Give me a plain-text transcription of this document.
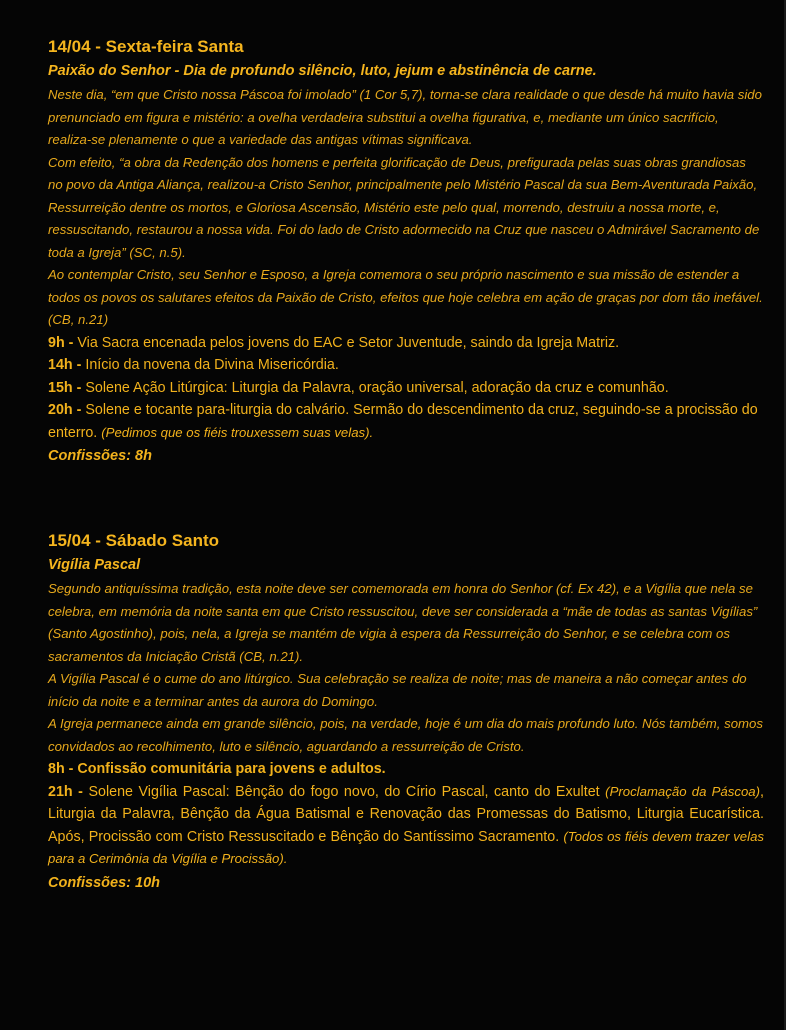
14/04 - Sexta-feira Santa
Paixão do Senhor - Dia de profundo silêncio, luto, jejum e abstinência de carne.

Neste dia, “em que Cristo nossa Páscoa foi imolado” (1 Cor 5,7), torna-se clara realidade o que desde há muito havia sido prenunciado em figura e mistério: a ovelha verdadeira substitui a ovelha figurativa, e, mediante um único sacrifício, realiza-se plenamente o que a variedade das antigas vítimas significava.

Com efeito, “a obra da Redenção dos homens e perfeita glorificação de Deus, prefigurada pelas suas obras grandiosas no povo da Antiga Aliança, realizou-a Cristo Senhor, principalmente pelo Mistério Pascal da sua Bem-Aventurada Paixão, Ressurreição dentre os mortos, e Gloriosa Ascensão, Mistério este pelo qual, morrendo, destruiu a nossa morte, e, ressuscitando, restaurou a nossa vida. Foi do lado de Cristo adormecido na Cruz que nasceu o Admirável Sacramento de toda a Igreja” (SC, n.5).

Ao contemplar Cristo, seu Senhor e Esposo, a Igreja comemora o seu próprio nascimento e sua missão de estender a todos os povos os salutares efeitos da Paixão de Cristo, efeitos que hoje celebra em ação de graças por dom tão inefável. (CB, n.21)

9h - Via Sacra encenada pelos jovens do EAC e Setor Juventude, saindo da Igreja Matriz.

14h - Início da novena da Divina Misericórdia.

15h - Solene Ação Litúrgica: Liturgia da Palavra, oração universal, adoração da cruz e comunhão.

20h - Solene e tocante para-liturgia do calvário. Sermão do descendimento da cruz, seguindo-se a procissão do enterro. (Pedimos que os fiéis trouxessem suas velas).

Confissões: 8h

15/04 - Sábado Santo
Vigília Pascal

Segundo antiquíssima tradição, esta noite deve ser comemorada em honra do Senhor (cf. Ex 42), e a Vigília que nela se celebra, em memória da noite santa em que Cristo ressuscitou, deve ser considerada a “mãe de todas as santas Vigílias” (Santo Agostinho), pois, nela, a Igreja se mantém de vigia à espera da Ressurreição do Senhor, e se celebra com os sacramentos da Iniciação Cristã (CB, n.21).

A Vigília Pascal é o cume do ano litúrgico. Sua celebração se realiza de noite; mas de maneira a não começar antes do início da noite e a terminar antes da aurora do Domingo.

A Igreja permanece ainda em grande silêncio, pois, na verdade, hoje é um dia do mais profundo luto. Nós também, somos convidados ao recolhimento, luto e silêncio, aguardando a ressurreição de Cristo.

8h - Confissão comunitária para jovens e adultos.

21h - Solene Vigília Pascal: Bênção do fogo novo, do Círio Pascal, canto do Exultet (Proclamação da Páscoa), Liturgia da Palavra, Bênção da Água Batismal e Renovação das Promessas do Batismo, Liturgia Eucarística. Após, Procissão com Cristo Ressuscitado e Bênção do Santíssimo Sacramento. (Todos os fiéis devem trazer velas para a Cerimônia da Vigília e Procissão).

Confissões: 10h
